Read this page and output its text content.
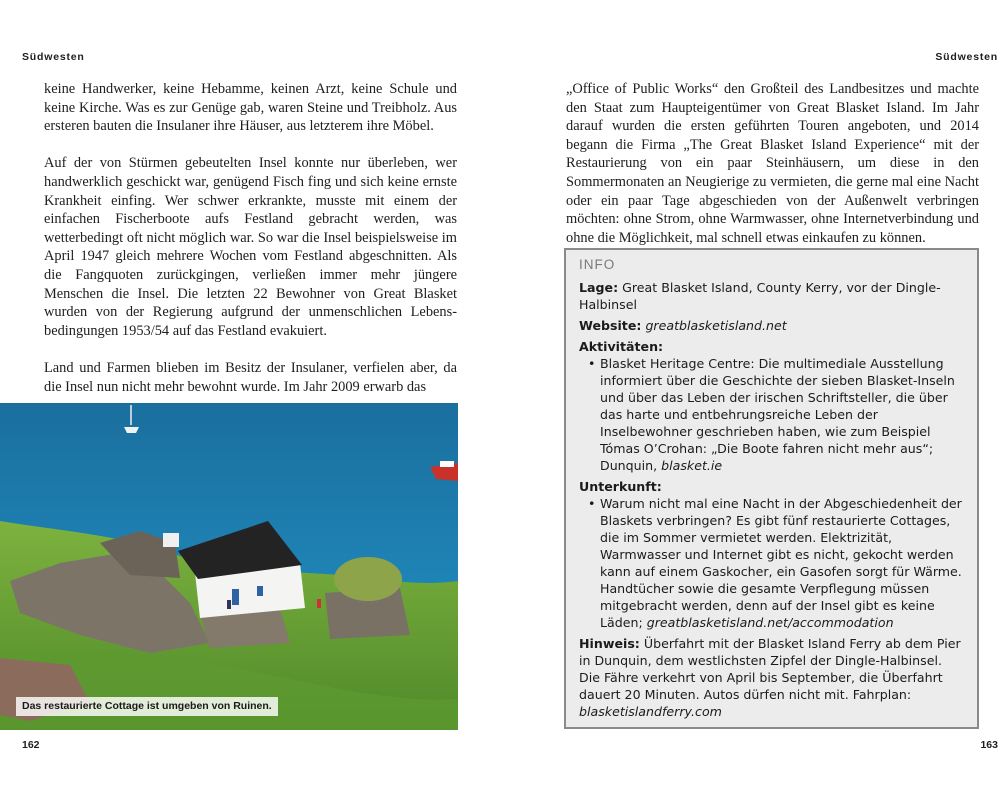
Südwesten	Südwesten

keine Handwerker, keine Hebamme, keinen Arzt, keine Schule und keine Kirche. Was es zur Genüge gab, waren Steine und Treibholz. Aus ersteren bauten die Insulaner ihre Häuser, aus letzterem ihre Möbel.

Auf der von Stürmen gebeutelten Insel konnte nur überleben, wer handwerklich geschickt war, genügend Fisch fing und sich keine ernste Krankheit einfing. Wer schwer erkrankte, musste mit einem der einfachen Fischerboote aufs Festland gebracht werden, was wetterbedingt oft nicht möglich war. So war die Insel beispielsweise im April 1947 gleich mehrere Wochen vom Festland abgeschnitten. Als die Fangquoten zurückgingen, verließen immer mehr jüngere Menschen die Insel. Die letzten 22 Bewohner von Great Blasket wurden von der Regierung aufgrund der unmenschlichen Lebensbedingungen 1953/54 auf das Festland evakuiert.

Land und Farmen blieben im Besitz der Insulaner, verfielen aber, da die Insel nun nicht mehr bewohnt wurde. Im Jahr 2009 erwarb das

Das restaurierte Cottage ist umgeben von Ruinen.
162	163

„Office of Public Works“ den Großteil des Landbesitzes und machte den Staat zum Haupteigentümer von Great Blasket Island. Im Jahr darauf wurden die ersten geführten Touren angeboten, und 2014 begann die Firma „The Great Blasket Island Experience“ mit der Restaurierung von ein paar Steinhäusern, um diese in den Sommermonaten an Neugierige zu vermieten, die gerne mal eine Nacht oder ein paar Tage abgeschieden von der Außenwelt verbringen möchten: ohne Strom, ohne Warmwasser, ohne Internetverbindung und ohne die Möglichkeit, mal schnell etwas einkaufen zu können.

INFO
Lage: Great Blasket Island, County Kerry, vor der Dingle-Halbinsel
Website: greatblasketisland.net
Aktivitäten:
• Blasket Heritage Centre: Die multimediale Ausstellung informiert über die Geschichte der sieben Blasket-Inseln und über das Leben der irischen Schriftsteller, die über das harte und entbehrungsreiche Leben der Inselbewohner geschrieben haben, wie zum Beispiel Tómas O’Crohan: „Die Boote fahren nicht mehr aus“; Dunquin, blasket.ie
Unterkunft:
• Warum nicht mal eine Nacht in der Abgeschiedenheit der Blaskets verbringen? Es gibt fünf restaurierte Cottages, die im Sommer vermietet werden. Elektrizität, Warmwasser und Internet gibt es nicht, gekocht werden kann auf einem Gaskocher, ein Gasofen sorgt für Wärme. Handtücher sowie die gesamte Verpflegung müssen mitgebracht werden, denn auf der Insel gibt es keine Läden; greatblasketisland.net/accommodation
Hinweis: Überfahrt mit der Blasket Island Ferry ab dem Pier in Dunquin, dem westlichsten Zipfel der Dingle-Halbinsel. Die Fähre verkehrt von April bis September, die Überfahrt dauert 20 Minuten. Autos dürfen nicht mit. Fahrplan: blasketislandferry.com
